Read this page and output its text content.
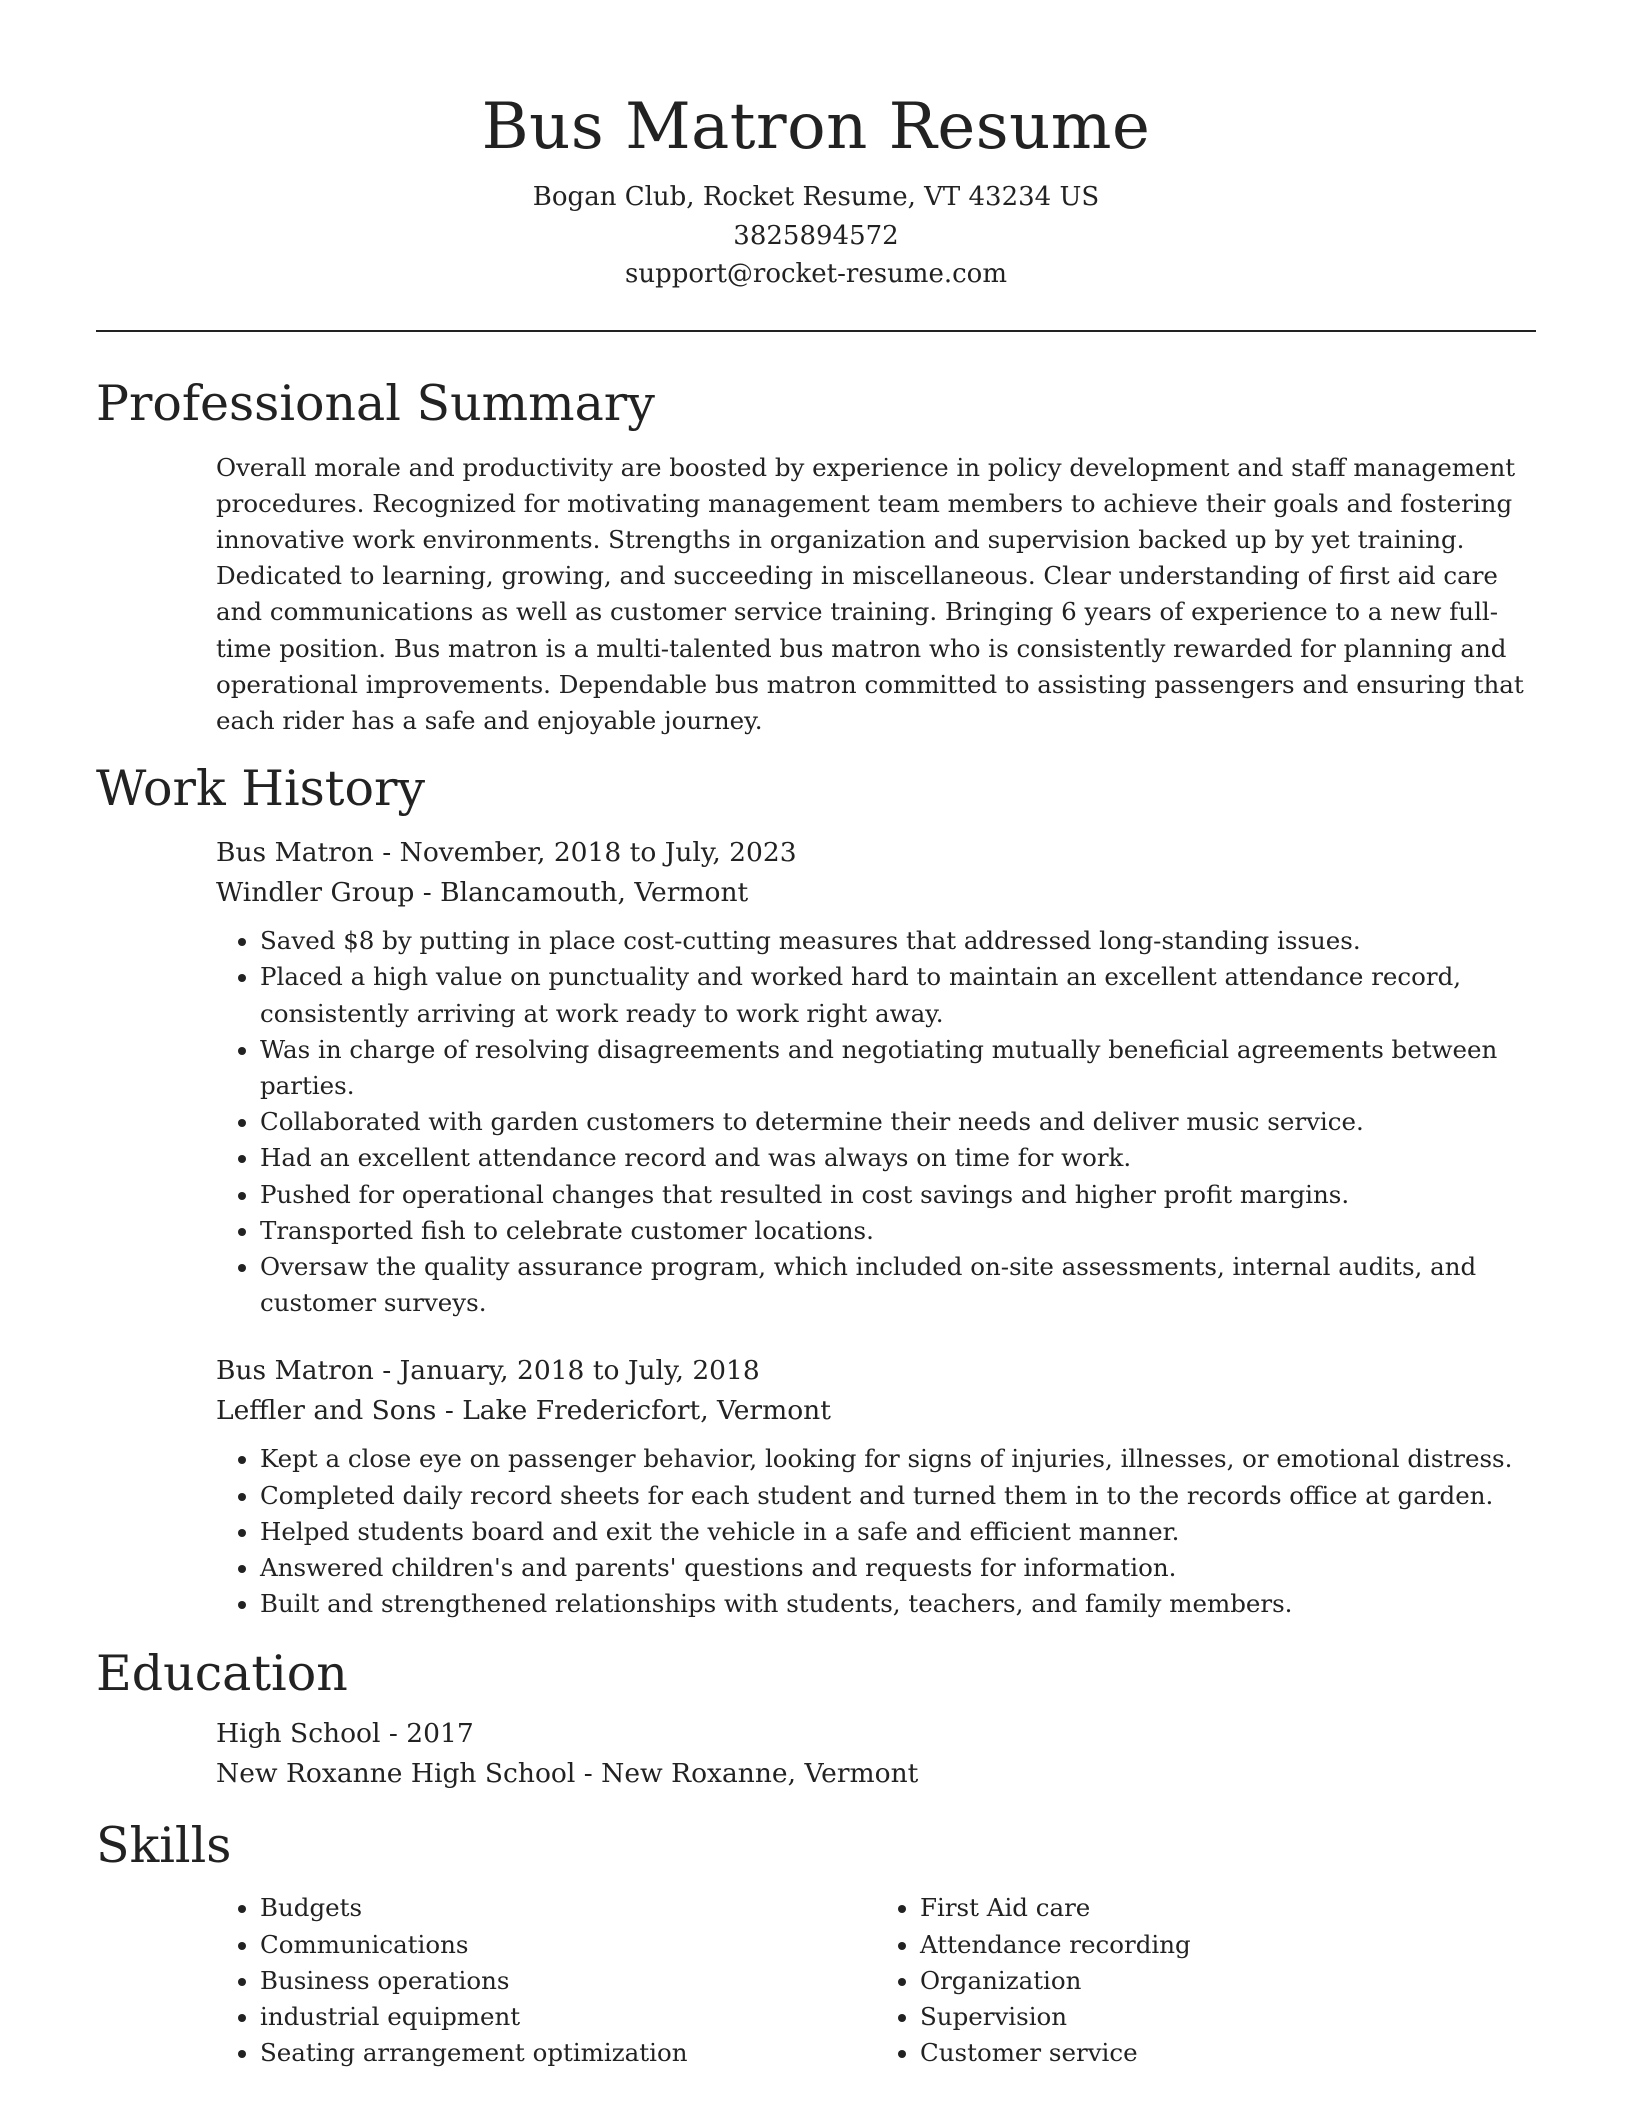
Bus Matron Resume
Bogan Club, Rocket Resume, VT 43234 US
3825894572
support@rocket-resume.com
Professional Summary

Overall morale and productivity are boosted by experience in policy development and staff management procedures. Recognized for motivating management team members to achieve their goals and fostering innovative work environments. Strengths in organization and supervision backed up by yet training. Dedicated to learning, growing, and succeeding in miscellaneous. Clear understanding of first aid care and communications as well as customer service training. Bringing 6 years of experience to a new full-time position. Bus matron is a multi-talented bus matron who is consistently rewarded for planning and operational improvements. Dependable bus matron committed to assisting passengers and ensuring that each rider has a safe and enjoyable journey.

Work History
Bus Matron - November, 2018 to July, 2023
Windler Group - Blancamouth, Vermont
• Saved $8 by putting in place cost-cutting measures that addressed long-standing issues.
• Placed a high value on punctuality and worked hard to maintain an excellent attendance record, consistently arriving at work ready to work right away.
• Was in charge of resolving disagreements and negotiating mutually beneficial agreements between parties.
• Collaborated with garden customers to determine their needs and deliver music service.
• Had an excellent attendance record and was always on time for work.
• Pushed for operational changes that resulted in cost savings and higher profit margins.
• Transported fish to celebrate customer locations.
• Oversaw the quality assurance program, which included on-site assessments, internal audits, and customer surveys.
Bus Matron - January, 2018 to July, 2018
Leffler and Sons - Lake Fredericfort, Vermont
• Kept a close eye on passenger behavior, looking for signs of injuries, illnesses, or emotional distress.
• Completed daily record sheets for each student and turned them in to the records office at garden.
• Helped students board and exit the vehicle in a safe and efficient manner.
• Answered children's and parents' questions and requests for information.
• Built and strengthened relationships with students, teachers, and family members.
Education
High School - 2017
New Roxanne High School - New Roxanne, Vermont
Skills
• Budgets
• Communications
• Business operations
• industrial equipment
• Seating arrangement optimization
• First Aid care
• Attendance recording
• Organization
• Supervision
• Customer service
